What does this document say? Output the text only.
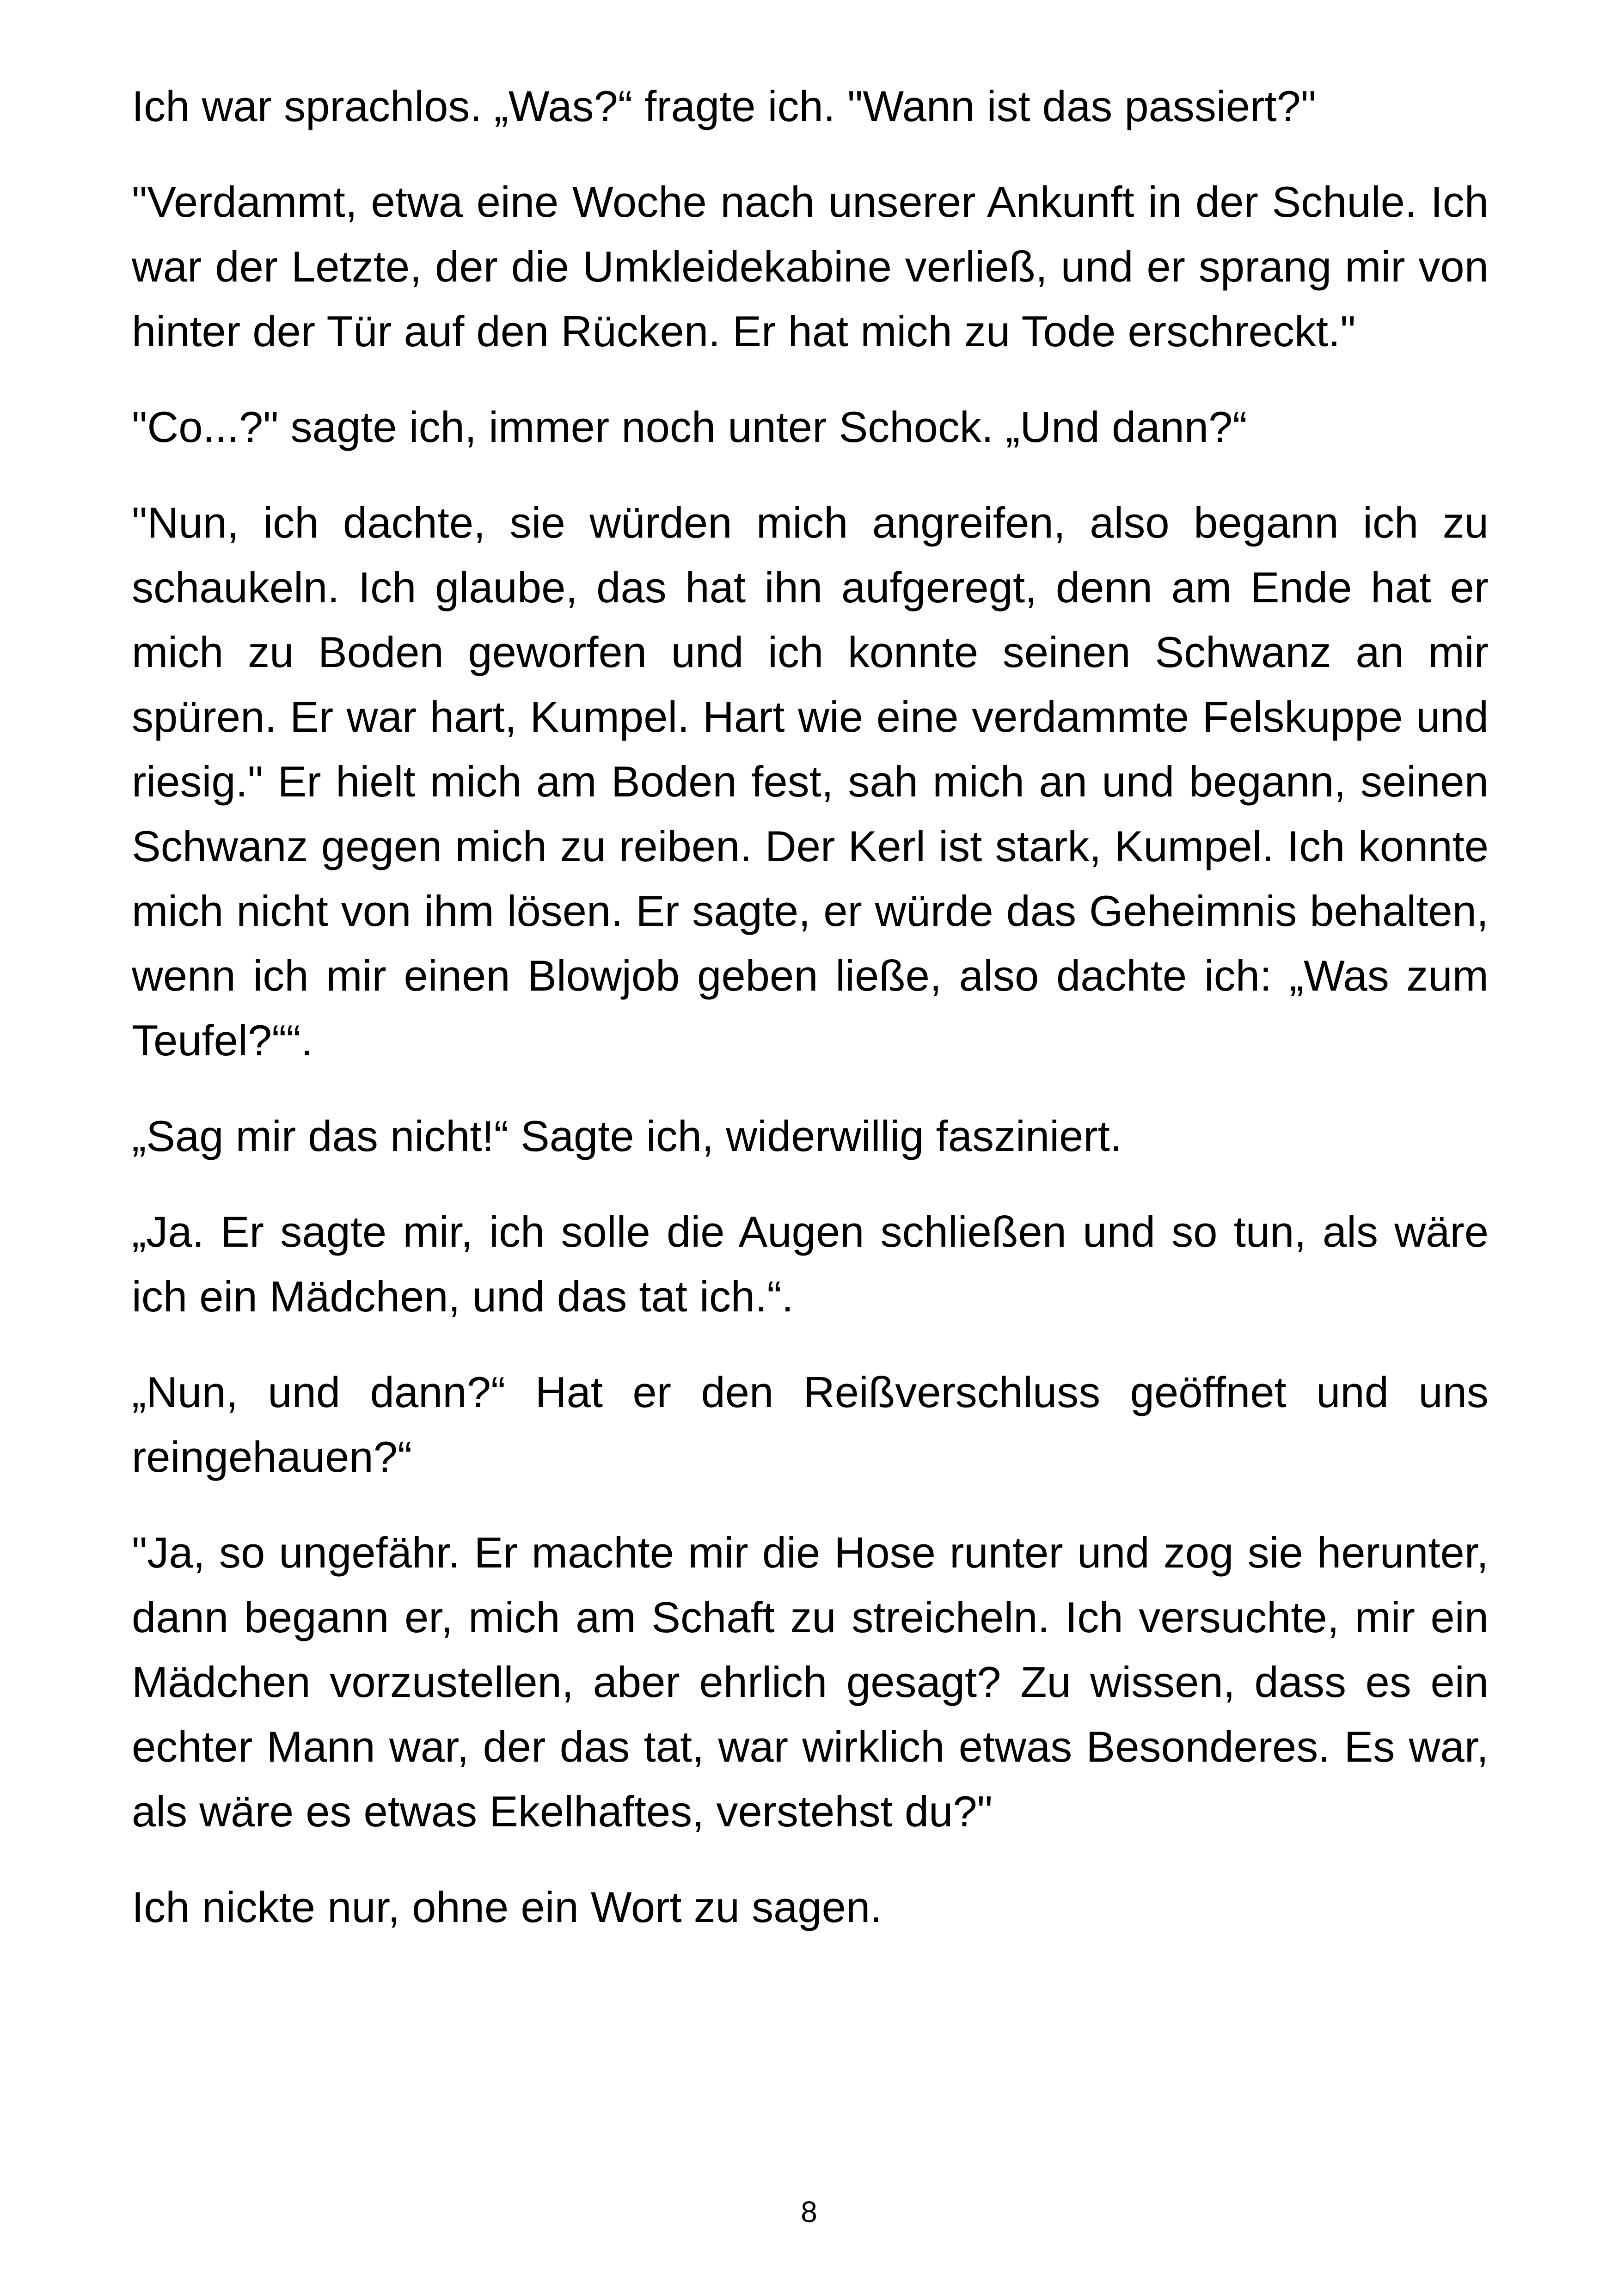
Ich war sprachlos. „Was?“ fragte ich. "Wann ist das passiert?"

"Verdammt, etwa eine Woche nach unserer Ankunft in der Schule. Ich war der Letzte, der die Umkleidekabine verließ, und er sprang mir von hinter der Tür auf den Rücken. Er hat mich zu Tode erschreckt."

"Co...?" sagte ich, immer noch unter Schock. „Und dann?“

"Nun, ich dachte, sie würden mich angreifen, also begann ich zu schaukeln. Ich glaube, das hat ihn aufgeregt, denn am Ende hat er mich zu Boden geworfen und ich konnte seinen Schwanz an mir spüren. Er war hart, Kumpel. Hart wie eine verdammte Felskuppe und riesig." Er hielt mich am Boden fest, sah mich an und begann, seinen Schwanz gegen mich zu reiben. Der Kerl ist stark, Kumpel. Ich konnte mich nicht von ihm lösen. Er sagte, er würde das Geheimnis behalten, wenn ich mir einen Blowjob geben ließe, also dachte ich: „Was zum Teufel?““.

„Sag mir das nicht!“ Sagte ich, widerwillig fasziniert.

„Ja. Er sagte mir, ich solle die Augen schließen und so tun, als wäre ich ein Mädchen, und das tat ich.“.

„Nun, und dann?“ Hat er den Reißverschluss geöffnet und uns reingehauen?“

"Ja, so ungefähr. Er machte mir die Hose runter und zog sie herunter, dann begann er, mich am Schaft zu streicheln. Ich versuchte, mir ein Mädchen vorzustellen, aber ehrlich gesagt? Zu wissen, dass es ein echter Mann war, der das tat, war wirklich etwas Besonderes. Es war, als wäre es etwas Ekelhaftes, verstehst du?"

Ich nickte nur, ohne ein Wort zu sagen.

8
